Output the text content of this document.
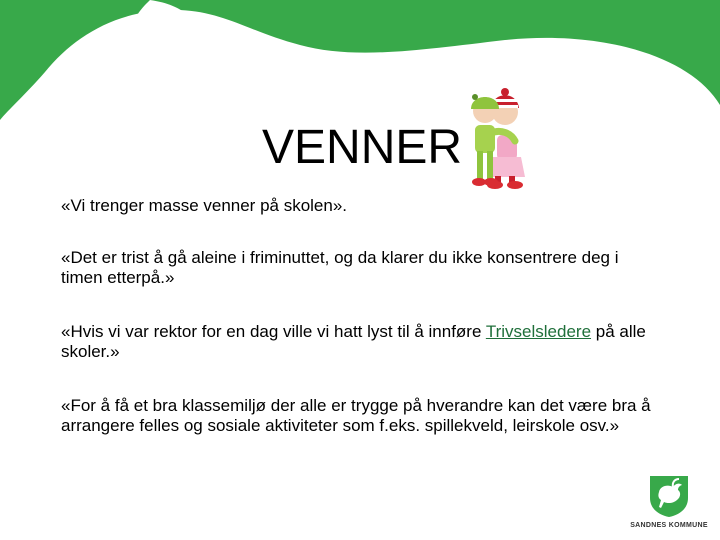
VENNER

«Vi trenger masse venner på skolen».

«Det er trist å gå aleine i friminuttet, og da klarer du ikke konsentrere deg i timen etterpå.»

«Hvis vi var rektor for en dag ville vi hatt lyst til å innføre Trivselsledere på alle skoler.»

«For å få et bra klassemiljø der alle er trygge på hverandre kan det være bra å arrangere felles og sosiale aktiviteter som f.eks. spillekveld, leirskole osv.»

SANDNES KOMMUNE
